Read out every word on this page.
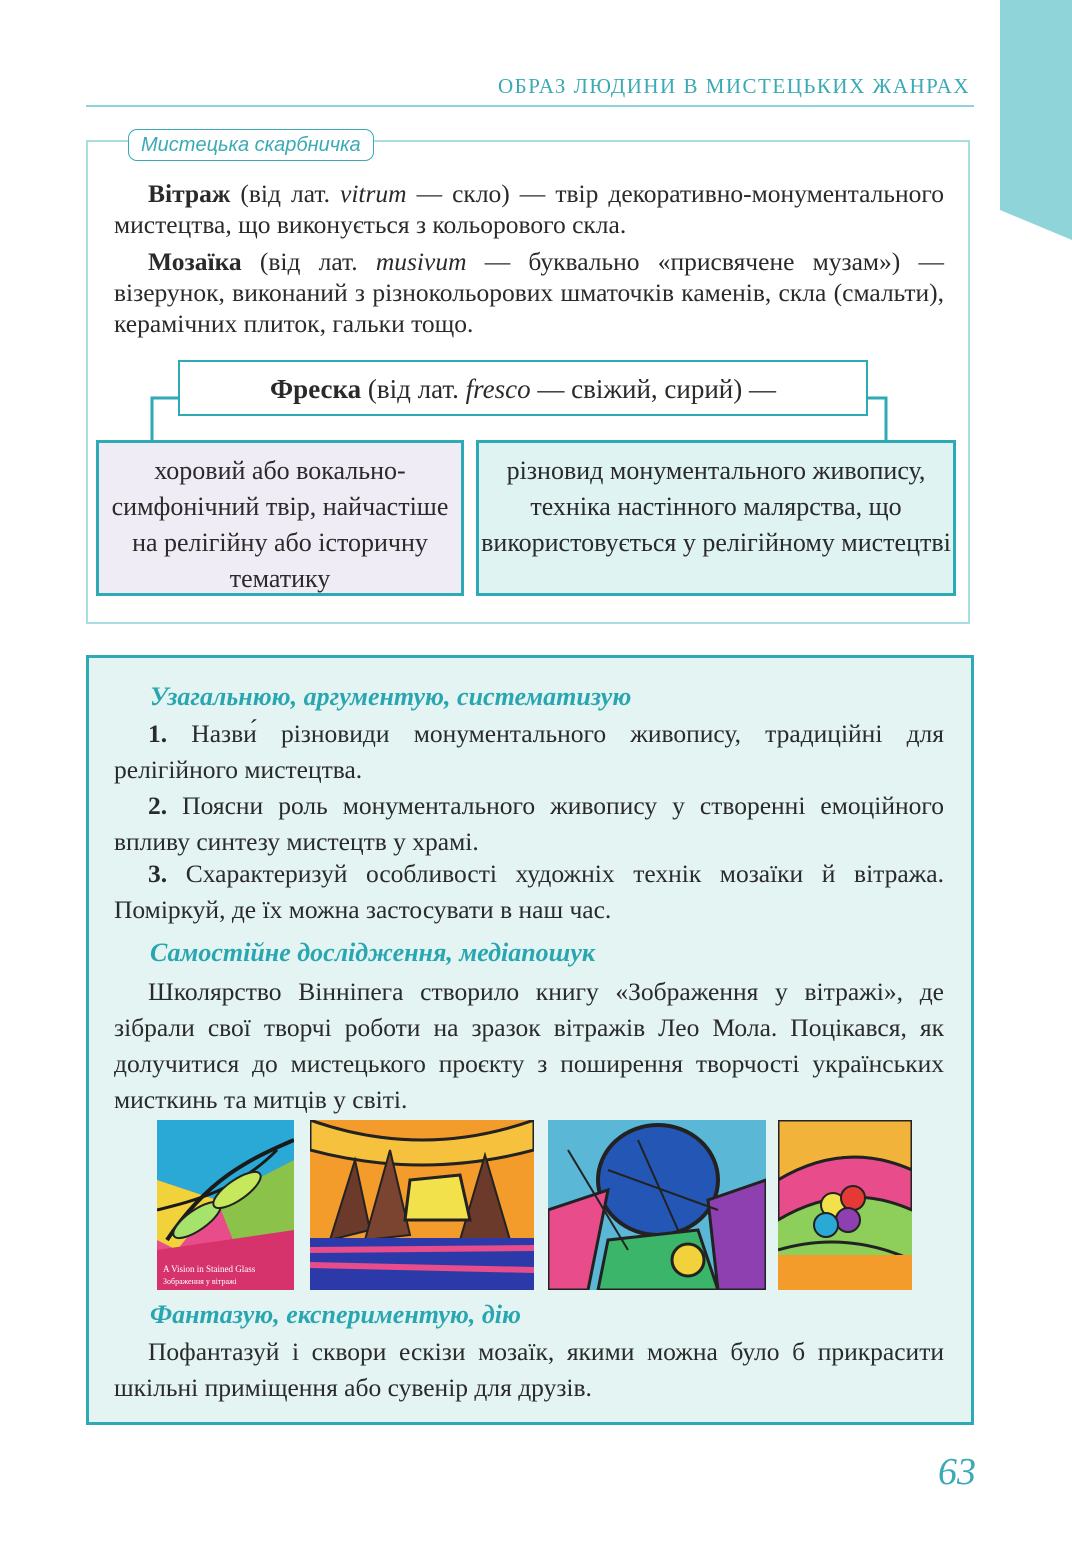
ОБРАЗ ЛЮДИНИ В МИСТЕЦЬКИХ ЖАНРАХ
Мистецька скарбничка
Вітраж (від лат. vitrum — скло) — твір декоративно-монументального мистецтва, що виконується з кольорового скла.
Мозаїка (від лат. musivum — буквально «присвячене музам») — візерунок, виконаний з різнокольорових шматочків каменів, скла (смальти), керамічних плиток, гальки тощо.
Фреска (від лат. fresco — свіжий, сирий) —
хоровий або вокально-симфонічний твір, найчастіше на релігійну або історичну тематику
різновид монументального живопису, техніка настінного малярства, що використовується у релігійному мистецтві
Узагальнюю, аргументую, систематизую
1. Назви́ різновиди монументального живопису, традиційні для релігійного мистецтва.
2. Поясни роль монументального живопису у створенні емоційного впливу синтезу мистецтв у храмі.
3. Схарактеризуй особливості художніх технік мозаїки й вітража. Поміркуй, де їх можна застосувати в наш час.
Самостійне дослідження, медіапошук
Школярство Вінніпега створило книгу «Зображення у вітражі», де зібрали свої творчі роботи на зразок вітражів Лео Мола. Поцікався, як долучитися до мистецького проєкту з поширення творчості українських мисткинь та митців у світі.
A Vision in Stained Glass
Зображення у вітражі
Фантазую, експериментую, дію
Пофантазуй і сквори ескізи мозаїк, якими можна було б прикрасити шкільні приміщення або сувенір для друзів.
63
